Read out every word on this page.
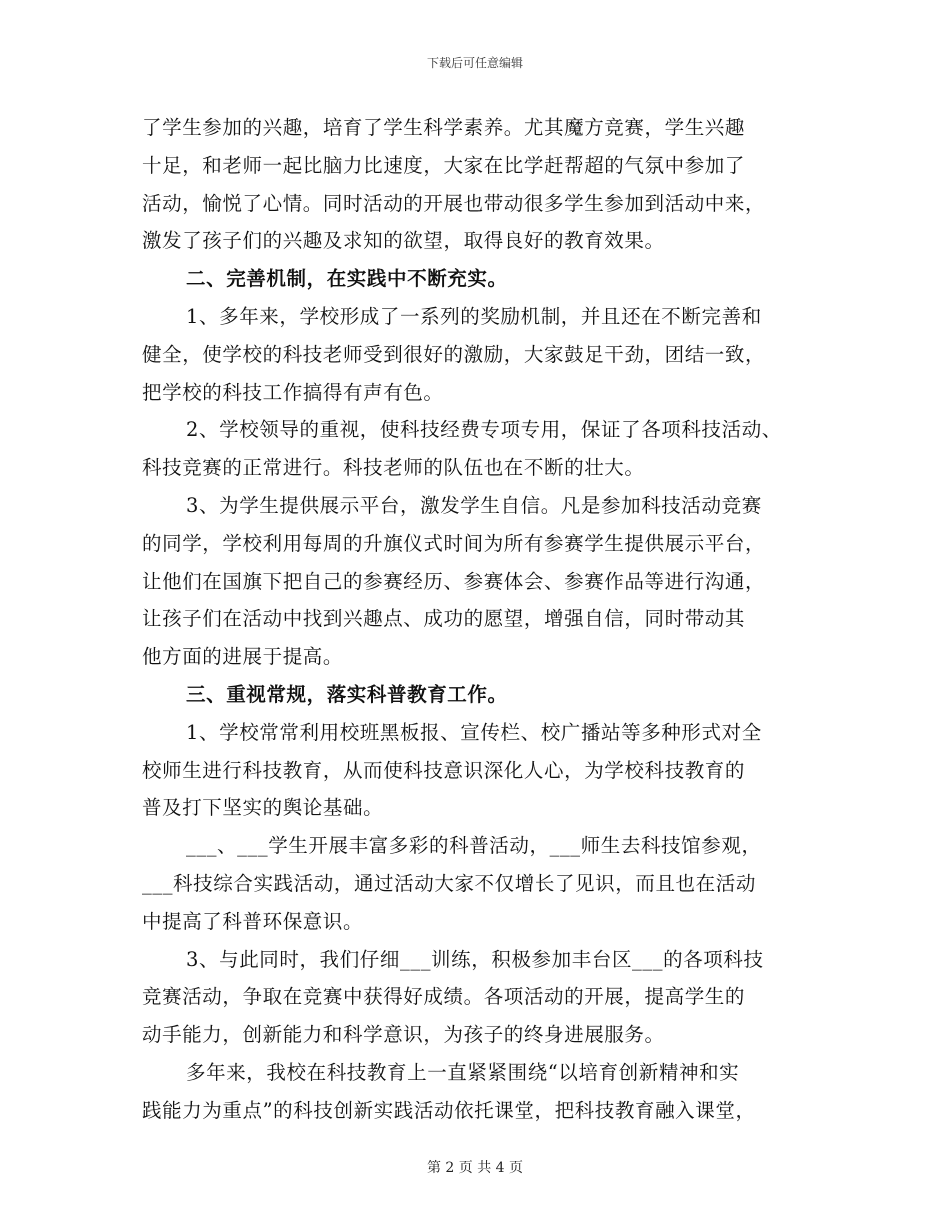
下载后可任意编辑
了学生参加的兴趣，培育了学生科学素养。尤其魔方竞赛，学生兴趣
十足，和老师一起比脑力比速度，大家在比学赶帮超的气氛中参加了
活动，愉悦了心情。同时活动的开展也带动很多学生参加到活动中来，
激发了孩子们的兴趣及求知的欲望，取得良好的教育效果。
二、完善机制，在实践中不断充实。
1、多年来，学校形成了一系列的奖励机制，并且还在不断完善和
健全，使学校的科技老师受到很好的激励，大家鼓足干劲，团结一致，
把学校的科技工作搞得有声有色。
2、学校领导的重视，使科技经费专项专用，保证了各项科技活动、
科技竞赛的正常进行。科技老师的队伍也在不断的壮大。
3、为学生提供展示平台，激发学生自信。凡是参加科技活动竞赛
的同学，学校利用每周的升旗仪式时间为所有参赛学生提供展示平台，
让他们在国旗下把自己的参赛经历、参赛体会、参赛作品等进行沟通，
让孩子们在活动中找到兴趣点、成功的愿望，增强自信，同时带动其
他方面的进展于提高。
三、重视常规，落实科普教育工作。
1、学校常常利用校班黑板报、宣传栏、校广播站等多种形式对全
校师生进行科技教育，从而使科技意识深化人心，为学校科技教育的
普及打下坚实的舆论基础。
___、___学生开展丰富多彩的科普活动，___师生去科技馆参观，
___科技综合实践活动，通过活动大家不仅增长了见识，而且也在活动
中提高了科普环保意识。
3、与此同时，我们仔细___训练，积极参加丰台区___的各项科技
竞赛活动，争取在竞赛中获得好成绩。各项活动的开展，提高学生的
动手能力，创新能力和科学意识，为孩子的终身进展服务。
多年来，我校在科技教育上一直紧紧围绕“以培育创新精神和实
践能力为重点”的科技创新实践活动依托课堂，把科技教育融入课堂，
第 2 页 共 4 页
